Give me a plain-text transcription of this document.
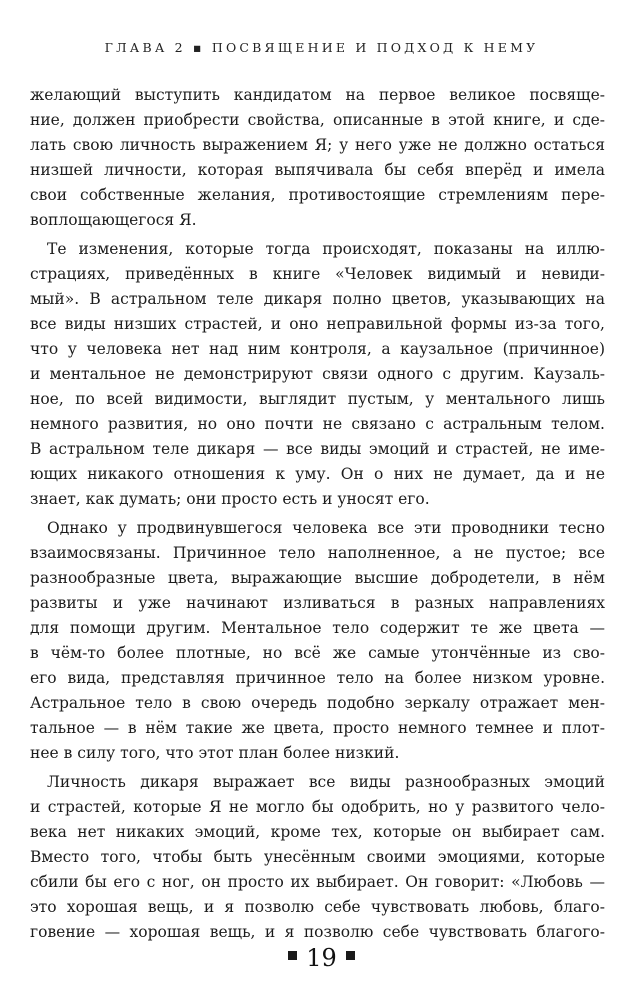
ГЛАВА 2 ▪ ПОСВЯЩЕНИЕ И ПОДХОД К НЕМУ

желающий выступить кандидатом на первое великое посвяще-
ние, должен приобрести свойства, описанные в этой книге, и сде-
лать свою личность выражением Я; у него уже не должно остаться
низшей личности, которая выпячивала бы себя вперёд и имела
свои собственные желания, противостоящие стремлениям пере-
воплощающегося Я.

Те изменения, которые тогда происходят, показаны на иллю-
страциях, приведённых в книге «Человек видимый и невиди-
мый». В астральном теле дикаря полно цветов, указывающих на
все виды низших страстей, и оно неправильной формы из-за того,
что у человека нет над ним контроля, а каузальное (причинное)
и ментальное не демонстрируют связи одного с другим. Каузаль-
ное, по всей видимости, выглядит пустым, у ментального лишь
немного развития, но оно почти не связано с астральным телом.
В астральном теле дикаря — все виды эмоций и страстей, не име-
ющих никакого отношения к уму. Он о них не думает, да и не
знает, как думать; они просто есть и уносят его.

Однако у продвинувшегося человека все эти проводники тесно
взаимосвязаны. Причинное тело наполненное, а не пустое; все
разнообразные цвета, выражающие высшие добродетели, в нём
развиты и уже начинают изливаться в разных направлениях
для помощи другим. Ментальное тело содержит те же цвета —
в чём-то более плотные, но всё же самые утончённые из сво-
его вида, представляя причинное тело на более низком уровне.
Астральное тело в свою очередь подобно зеркалу отражает мен-
тальное — в нём такие же цвета, просто немного темнее и плот-
нее в силу того, что этот план более низкий.

Личность дикаря выражает все виды разнообразных эмоций
и страстей, которые Я не могло бы одобрить, но у развитого чело-
века нет никаких эмоций, кроме тех, которые он выбирает сам.
Вместо того, чтобы быть унесённым своими эмоциями, которые
сбили бы его с ног, он просто их выбирает. Он говорит: «Любовь —
это хорошая вещь, и я позволю себе чувствовать любовь, благо-
говение — хорошая вещь, и я позволю себе чувствовать благого-

19
